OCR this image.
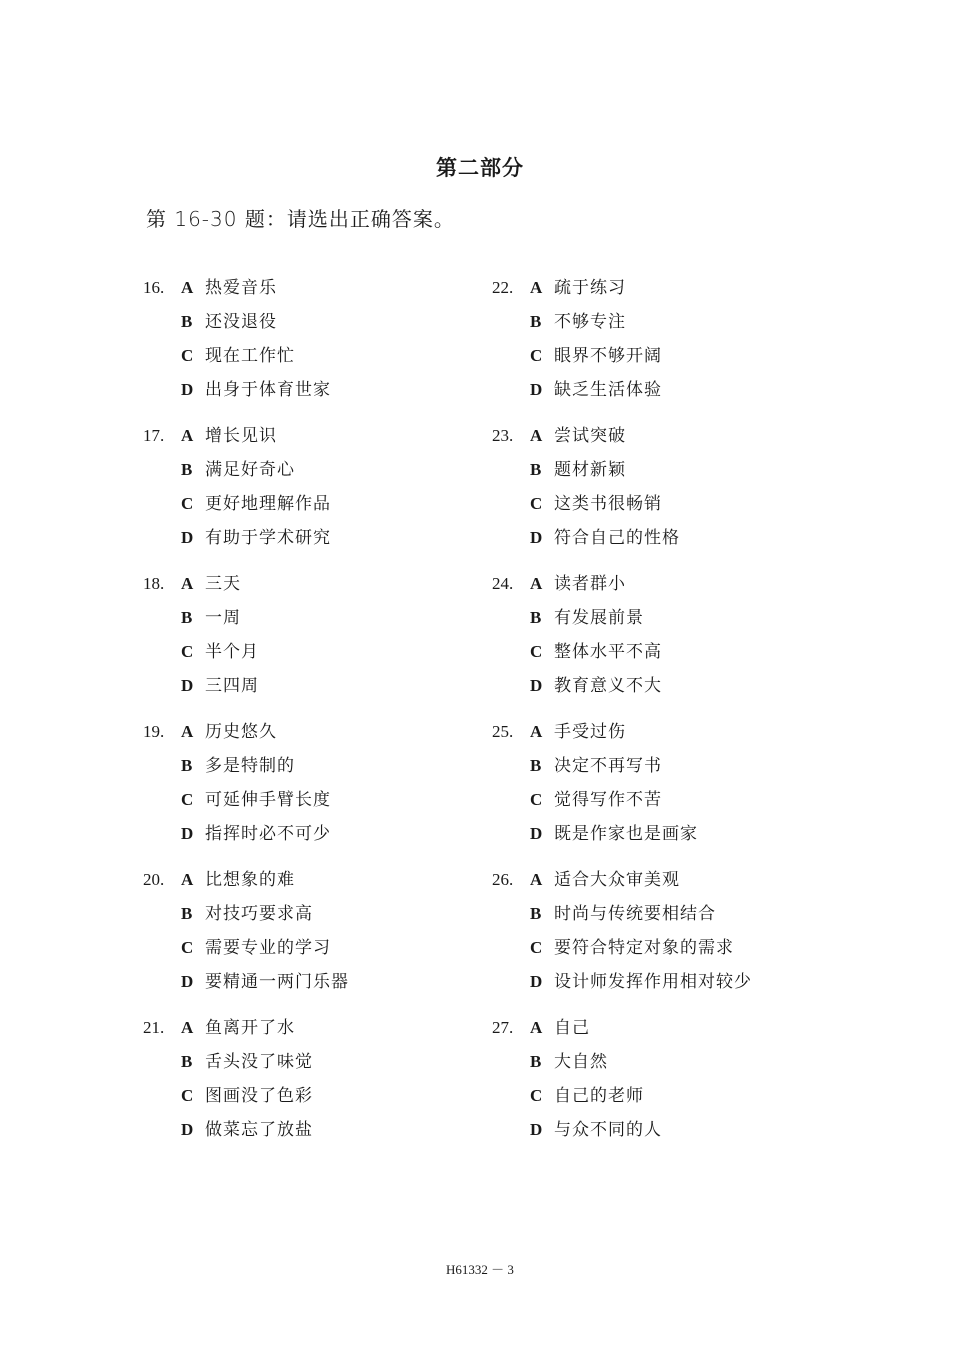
第二部分
第 16-30 题：请选出正确答案。
16. A 热爱音乐
B 还没退役
C 现在工作忙
D 出身于体育世家
17. A 增长见识
B 满足好奇心
C 更好地理解作品
D 有助于学术研究
18. A 三天
B 一周
C 半个月
D 三四周
19. A 历史悠久
B 多是特制的
C 可延伸手臂长度
D 指挥时必不可少
20. A 比想象的难
B 对技巧要求高
C 需要专业的学习
D 要精通一两门乐器
21. A 鱼离开了水
B 舌头没了味觉
C 图画没了色彩
D 做菜忘了放盐
22. A 疏于练习
B 不够专注
C 眼界不够开阔
D 缺乏生活体验
23. A 尝试突破
B 题材新颖
C 这类书很畅销
D 符合自己的性格
24. A 读者群小
B 有发展前景
C 整体水平不高
D 教育意义不大
25. A 手受过伤
B 决定不再写书
C 觉得写作不苦
D 既是作家也是画家
26. A 适合大众审美观
B 时尚与传统要相结合
C 要符合特定对象的需求
D 设计师发挥作用相对较少
27. A 自己
B 大自然
C 自己的老师
D 与众不同的人
H61332 － 3
